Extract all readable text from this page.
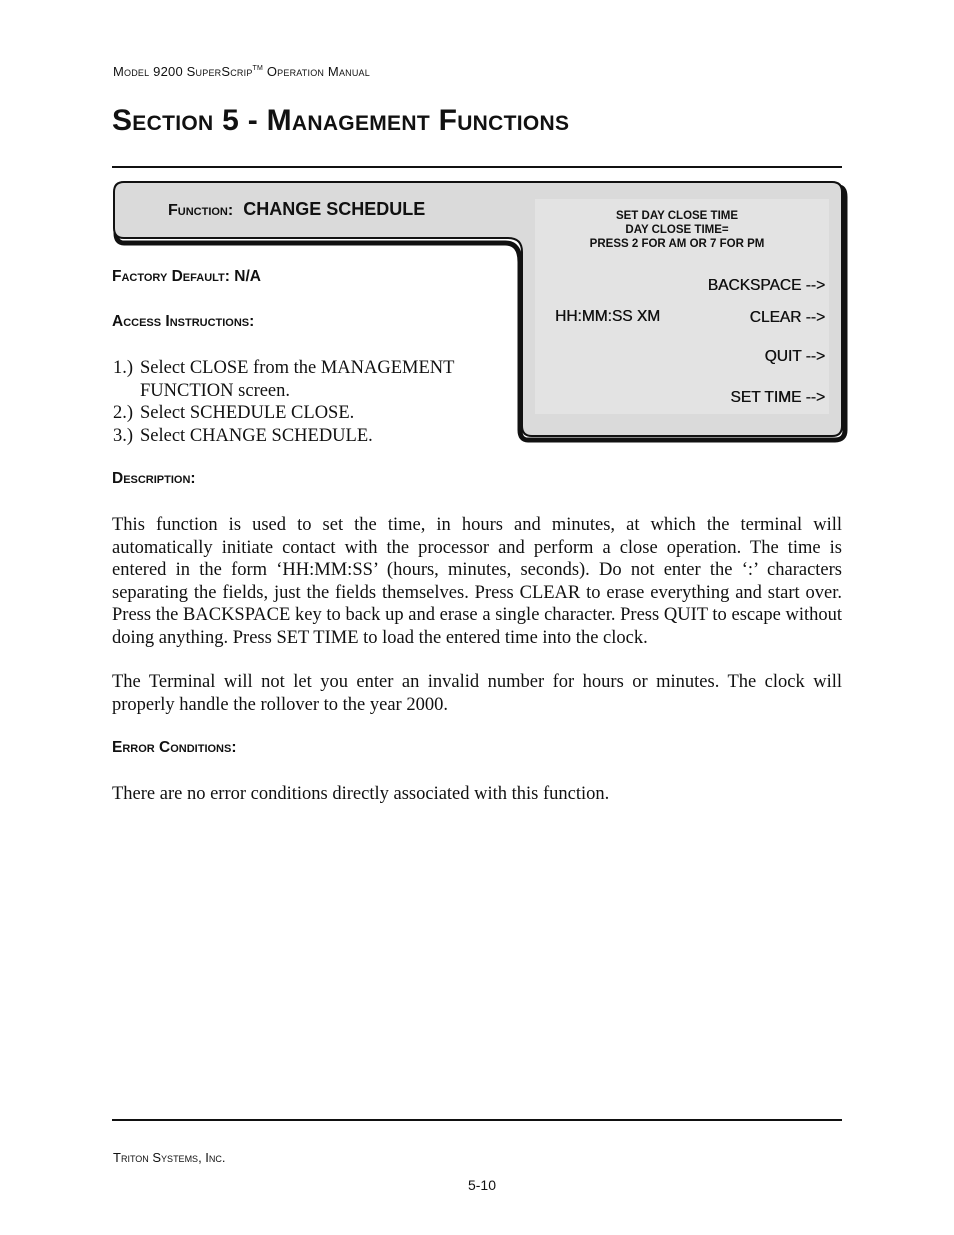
Model 9200 SuperScrip™ Operation Manual
Section 5 - Management Functions
Function: CHANGE SCHEDULE	SET DAY CLOSE TIME
DAY CLOSE TIME=
PRESS 2 FOR AM OR 7 FOR PM
BACKSPACE -->
HH:MM:SS XM	CLEAR -->
QUIT -->
SET TIME -->
Factory Default: N/A
Access Instructions:
1.) Select CLOSE from the MANAGEMENT FUNCTION screen.
2.) Select SCHEDULE CLOSE.
3.) Select CHANGE SCHEDULE.
Description:

This function is used to set the time, in hours and minutes, at which the terminal will automatically initiate contact with the processor and perform a close operation. The time is entered in the form ‘HH:MM:SS’ (hours, minutes, seconds). Do not enter the ‘:’ characters separating the fields, just the fields themselves. Press CLEAR to erase everything and start over. Press the BACKSPACE key to back up and erase a single character. Press QUIT to escape without doing anything. Press SET TIME to load the entered time into the clock.

The Terminal will not let you enter an invalid number for hours or minutes. The clock will properly handle the rollover to the year 2000.

Error Conditions:

There are no error conditions directly associated with this function.

Triton Systems, Inc.
5-10
